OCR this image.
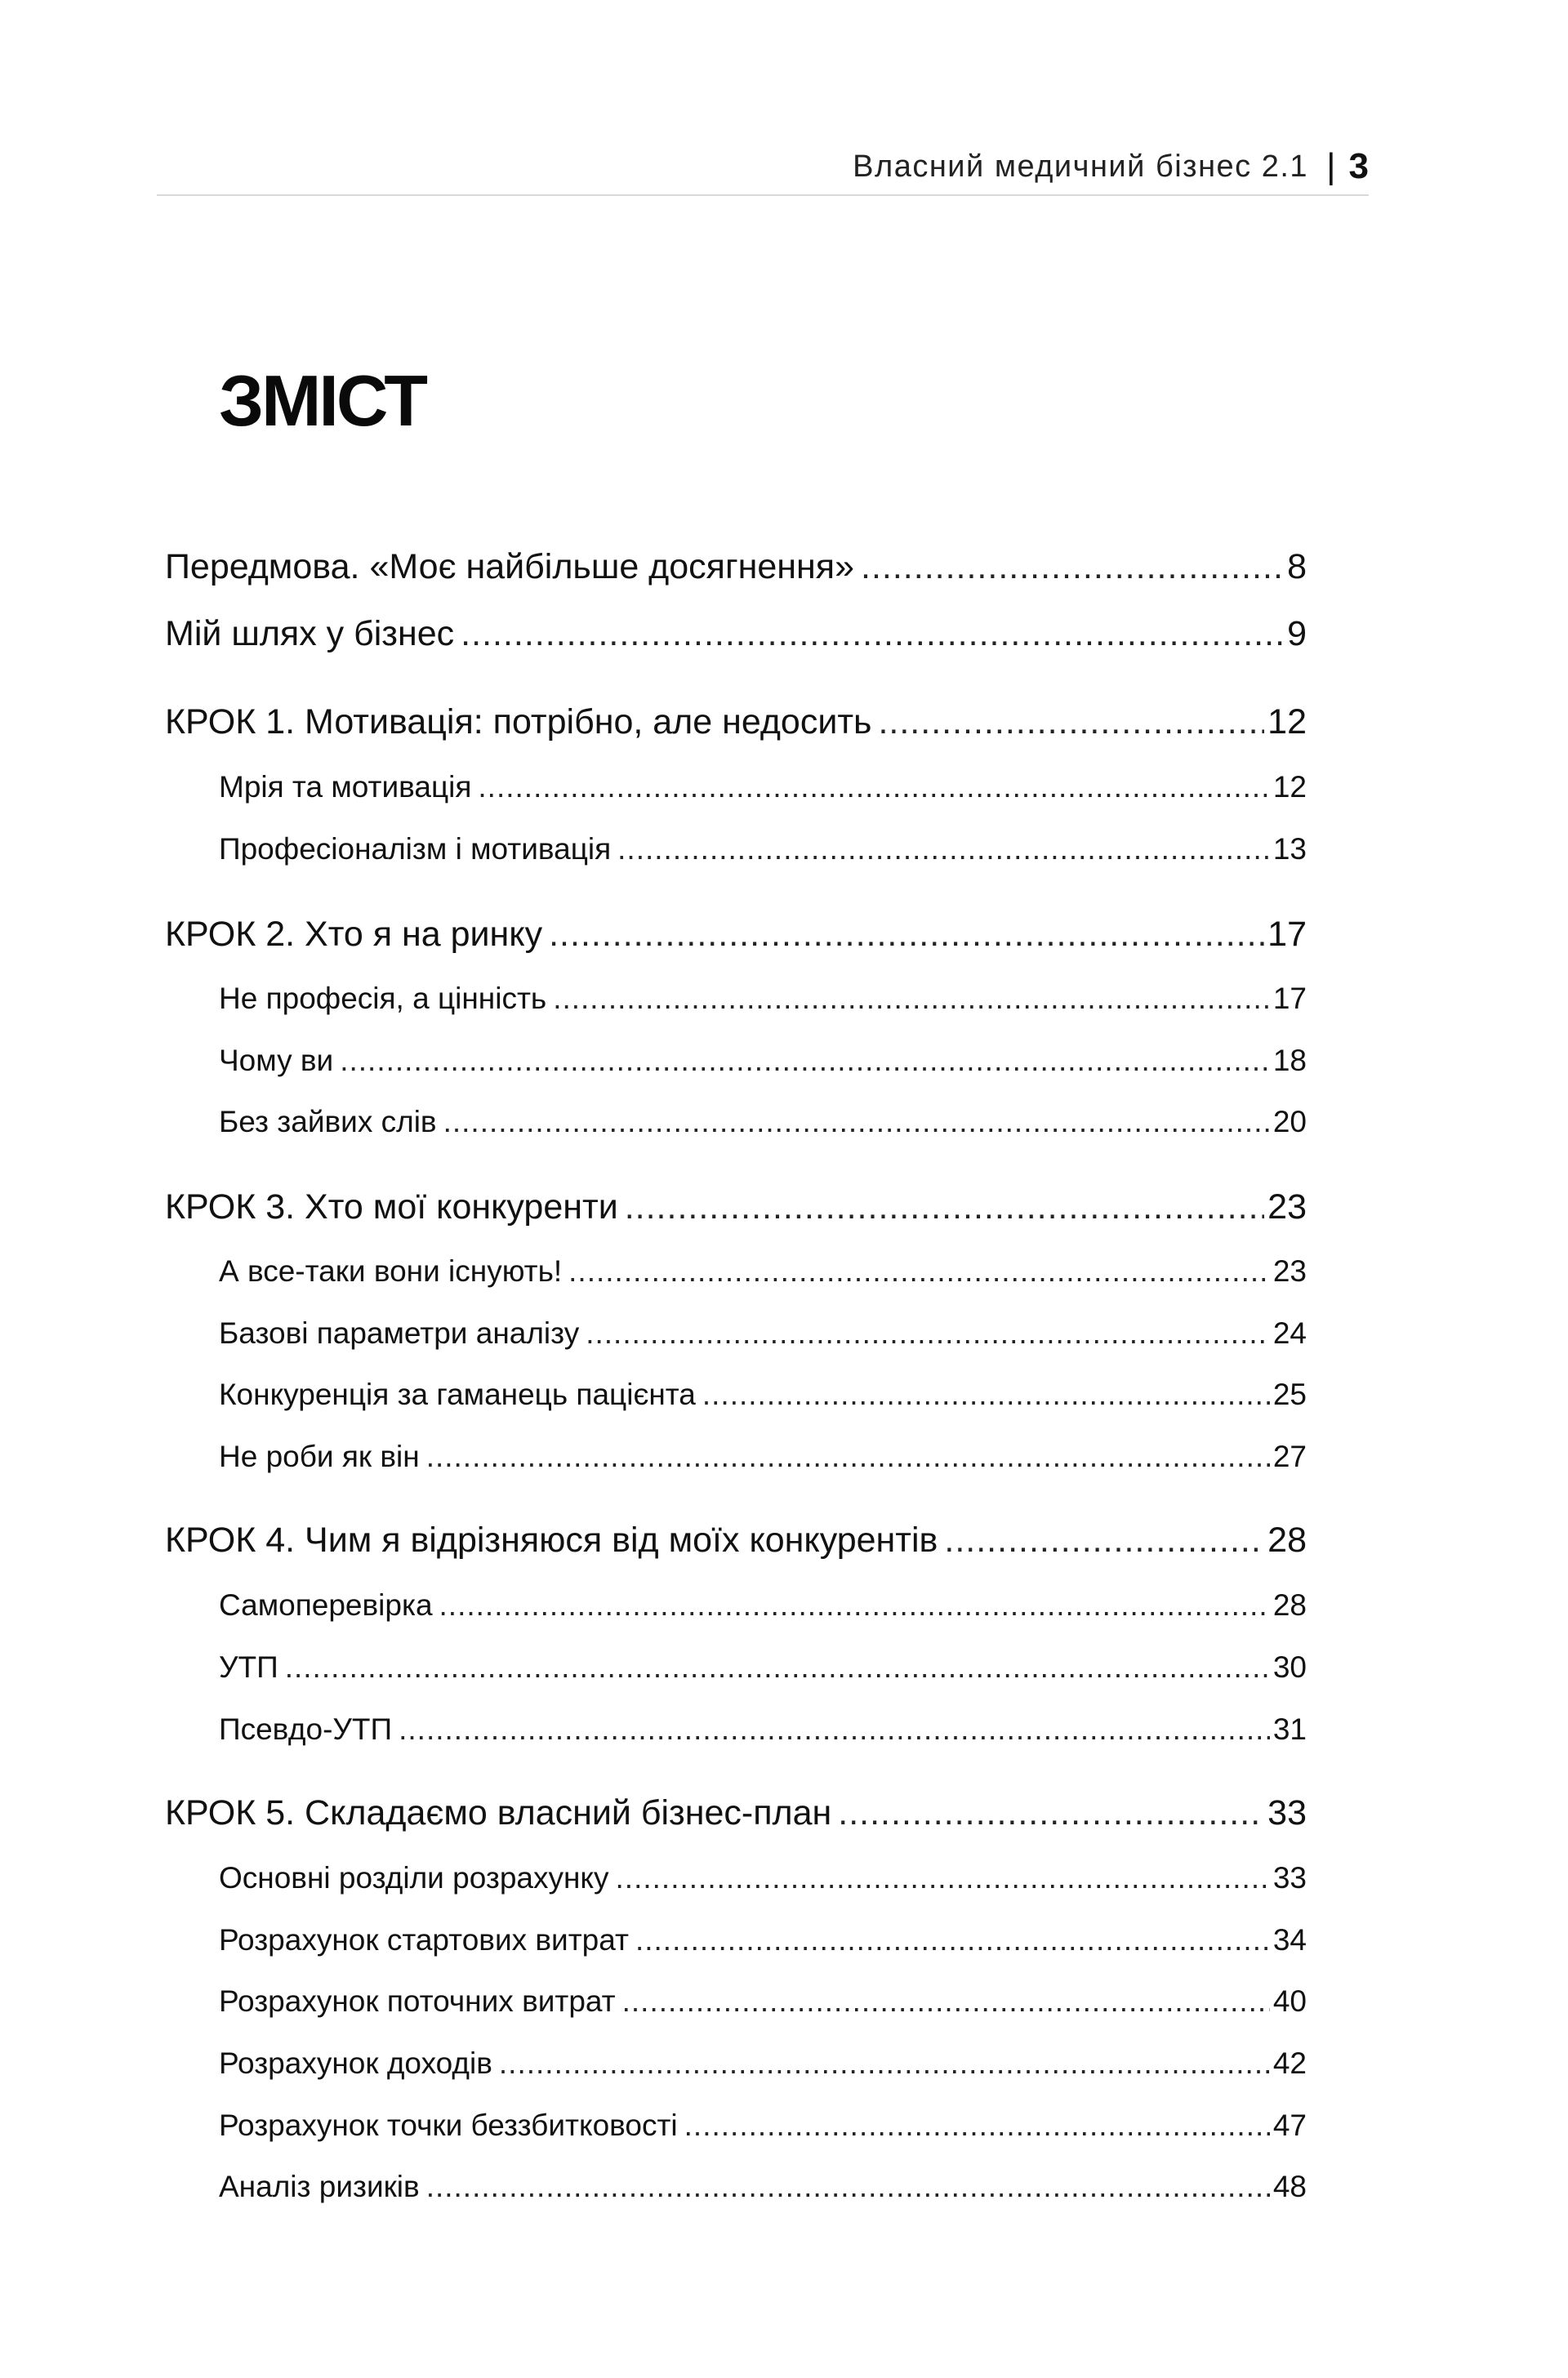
Власний медичний бізнес 2.1 | 3
ЗМІСТ
Передмова. «Моє найбільше досягнення» .....	8
Мій шлях у бізнес .....	9
КРОК 1. Мотивація: потрібно, але недосить .....	12
Мрія та мотивація .....	12
Професіоналізм і мотивація .....	13
КРОК 2. Хто я на ринку .....	17
Не професія, а цінність .....	17
Чому ви .....	18
Без зайвих слів .....	20
КРОК 3. Хто мої конкуренти .....	23
А все-таки вони існують! .....	23
Базові параметри аналізу .....	24
Конкуренція за гаманець пацієнта .....	25
Не роби як він .....	27
КРОК 4. Чим я відрізняюся від моїх конкурентів .....	28
Самоперевірка .....	28
УТП .....	30
Псевдо-УТП .....	31
КРОК 5. Складаємо власний бізнес-план .....	33
Основні розділи розрахунку .....	33
Розрахунок стартових витрат .....	34
Розрахунок поточних витрат .....	40
Розрахунок доходів .....	42
Розрахунок точки беззбитковості .....	47
Аналіз ризиків .....	48
